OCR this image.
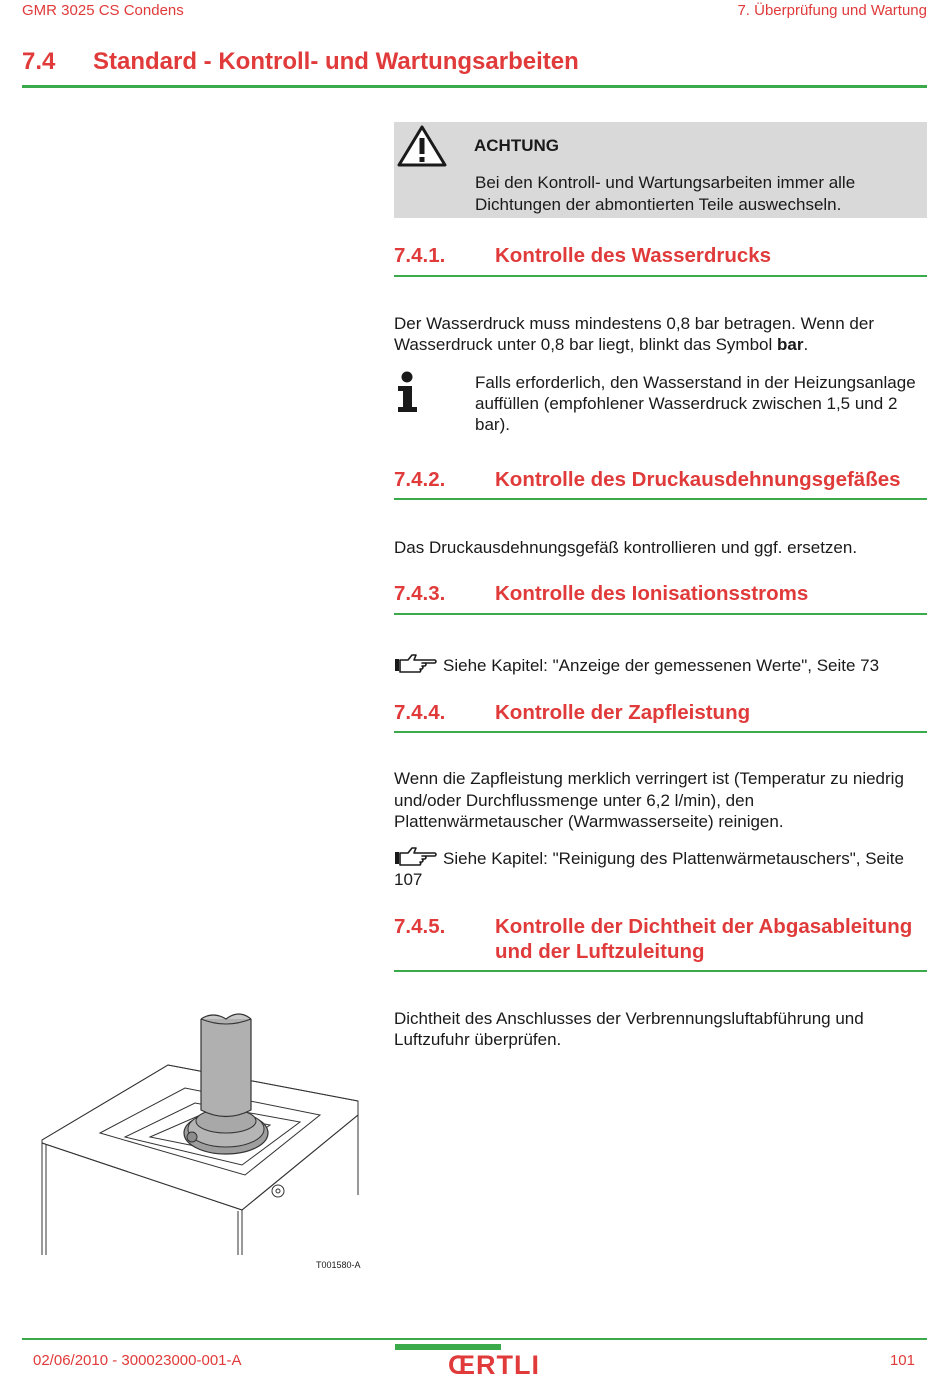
GMR 3025 CS Condens	7. Überprüfung und Wartung
7.4 Standard - Kontroll- und Wartungsarbeiten
ACHTUNG
Bei den Kontroll- und Wartungsarbeiten immer alle
Dichtungen der abmontierten Teile auswechseln.
7.4.1. Kontrolle des Wasserdrucks
Der Wasserdruck muss mindestens 0,8 bar betragen. Wenn der
Wasserdruck unter 0,8 bar liegt, blinkt das Symbol bar.
Falls erforderlich, den Wasserstand in der Heizungsanlage
auffüllen (empfohlener Wasserdruck zwischen 1,5 und 2
bar).
7.4.2. Kontrolle des Druckausdehnungsgefäßes
Das Druckausdehnungsgefäß kontrollieren und ggf. ersetzen.
7.4.3. Kontrolle des Ionisationsstroms
Siehe Kapitel: "Anzeige der gemessenen Werte", Seite 73
7.4.4. Kontrolle der Zapfleistung
Wenn die Zapfleistung merklich verringert ist (Temperatur zu niedrig
und/oder Durchflussmenge unter 6,2 l/min), den
Plattenwärmetauscher (Warmwasserseite) reinigen.
Siehe Kapitel: "Reinigung des Plattenwärmetauschers", Seite
107
7.4.5. Kontrolle der Dichtheit der Abgasableitung
und der Luftzuleitung
Dichtheit des Anschlusses der Verbrennungsluftabführung und
Luftzufuhr überprüfen.
T001580-A
02/06/2010 - 300023000-001-A	ŒRTLI	101
